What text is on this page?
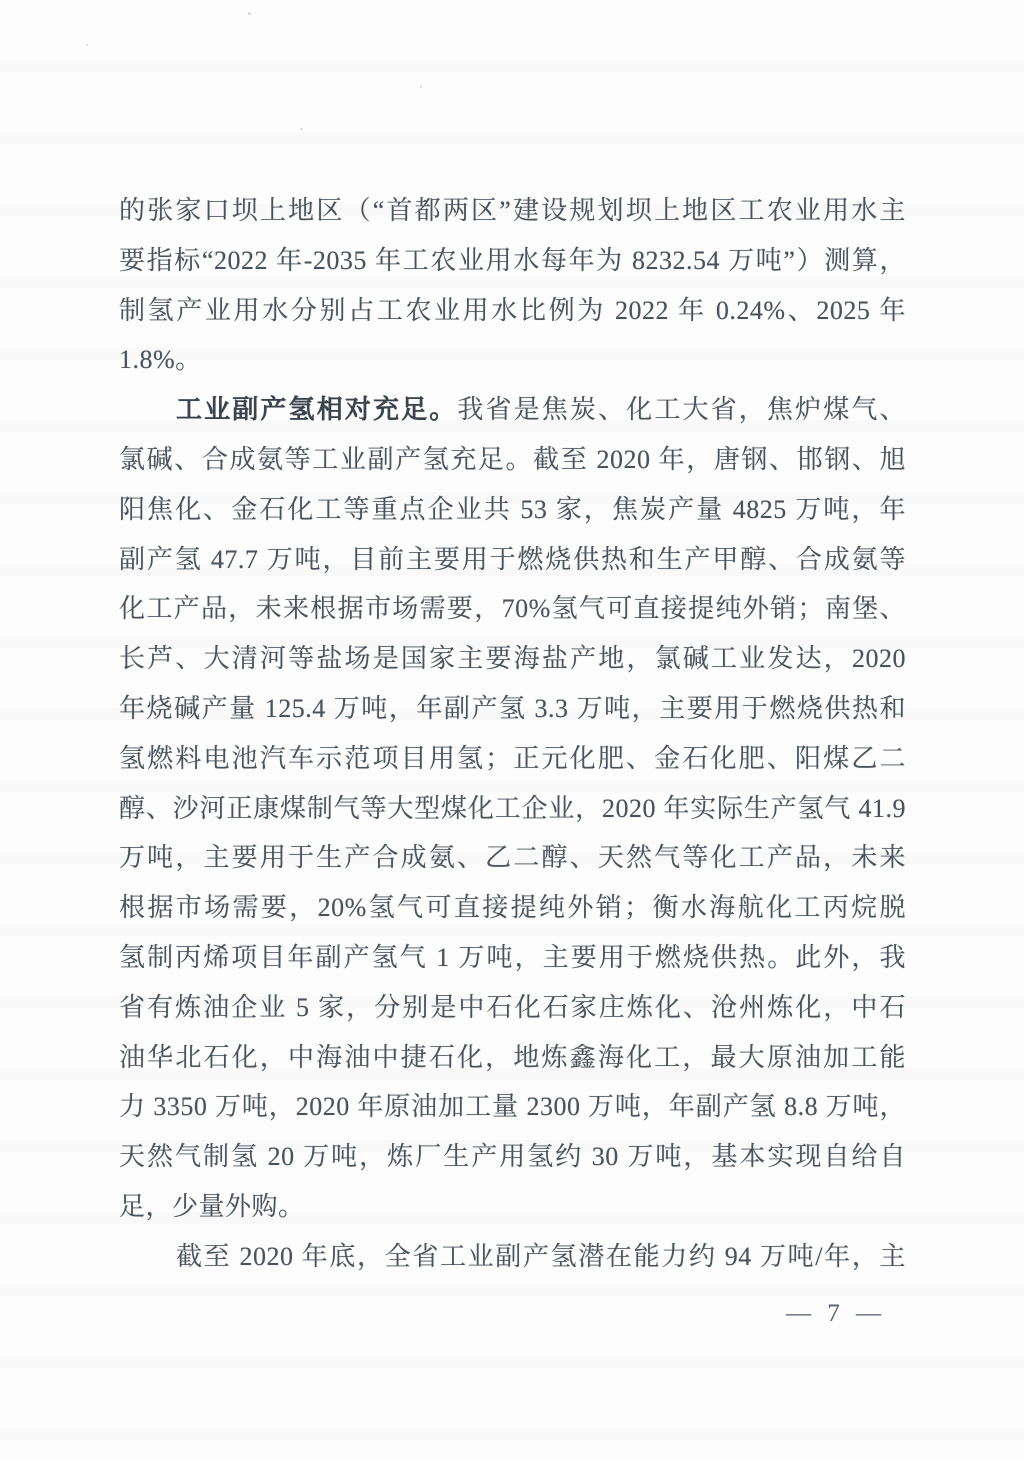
的张家口坝上地区（“首都两区”建设规划坝上地区工农业用水主
要指标“2022 年-2035 年工农业用水每年为 8232.54 万吨”）测算，
制氢产业用水分别占工农业用水比例为 2022 年 0.24%、2025 年
1.8%。
工业副产氢相对充足。我省是焦炭、化工大省，焦炉煤气、
氯碱、合成氨等工业副产氢充足。截至 2020 年，唐钢、邯钢、旭
阳焦化、金石化工等重点企业共 53 家，焦炭产量 4825 万吨，年
副产氢 47.7 万吨，目前主要用于燃烧供热和生产甲醇、合成氨等
化工产品，未来根据市场需要，70%氢气可直接提纯外销；南堡、
长芦、大清河等盐场是国家主要海盐产地，氯碱工业发达，2020
年烧碱产量 125.4 万吨，年副产氢 3.3 万吨，主要用于燃烧供热和
氢燃料电池汽车示范项目用氢；正元化肥、金石化肥、阳煤乙二
醇、沙河正康煤制气等大型煤化工企业，2020 年实际生产氢气 41.9
万吨，主要用于生产合成氨、乙二醇、天然气等化工产品，未来
根据市场需要，20%氢气可直接提纯外销；衡水海航化工丙烷脱
氢制丙烯项目年副产氢气 1 万吨，主要用于燃烧供热。此外，我
省有炼油企业 5 家，分别是中石化石家庄炼化、沧州炼化，中石
油华北石化，中海油中捷石化，地炼鑫海化工，最大原油加工能
力 3350 万吨，2020 年原油加工量 2300 万吨，年副产氢 8.8 万吨，
天然气制氢 20 万吨，炼厂生产用氢约 30 万吨，基本实现自给自
足，少量外购。
截至 2020 年底，全省工业副产氢潜在能力约 94 万吨/年，主
— 7 —
